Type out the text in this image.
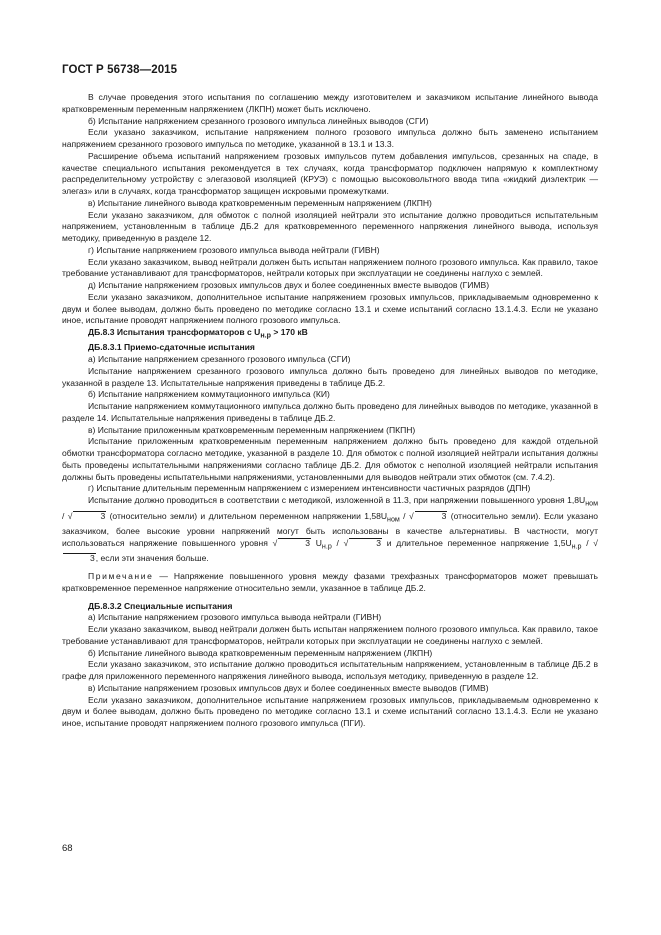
ГОСТ Р 56738—2015

В случае проведения этого испытания по соглашению между изготовителем и заказчиком испытание линейного вывода кратковременным переменным напряжением (ЛКПН) может быть исключено.

б) Испытание напряжением срезанного грозового импульса линейных выводов (СГИ)

Если указано заказчиком, испытание напряжением полного грозового импульса должно быть заменено испытанием напряжением срезанного грозового импульса по методике, указанной в 13.1 и 13.3.

Расширение объема испытаний напряжением грозовых импульсов путем добавления импульсов, срезанных на спаде, в качестве специального испытания рекомендуется в тех случаях, когда трансформатор подключен напрямую к комплектному распределительному устройству с элегазовой изоляцией (КРУЭ) с помощью высоковольтного ввода типа «жидкий диэлектрик — элегаз» или в случаях, когда трансформатор защищен искровыми промежутками.

в) Испытание линейного вывода кратковременным переменным напряжением (ЛКПН)

Если указано заказчиком, для обмоток с полной изоляцией нейтрали это испытание должно проводиться испытательным напряжением, установленным в таблице ДБ.2 для кратковременного переменного напряжения линейного вывода, используя методику, приведенную в разделе 12.

г) Испытание напряжением грозового импульса вывода нейтрали (ГИВН)

Если указано заказчиком, вывод нейтрали должен быть испытан напряжением полного грозового импульса. Как правило, такое требование устанавливают для трансформаторов, нейтрали которых при эксплуатации не соединены наглухо с землей.

д) Испытание напряжением грозовых импульсов двух и более соединенных вместе выводов (ГИМВ)

Если указано заказчиком, дополнительное испытание напряжением грозовых импульсов, прикладываемым одновременно к двум и более выводам, должно быть проведено по методике согласно 13.1 и схеме испытаний согласно 13.1.4.3. Если не указано иное, испытание проводят напряжением полного грозового импульса.

ДБ.8.3 Испытания трансформаторов с $U_{н.р} > 170$ кВ

ДБ.8.3.1 Приемо-сдаточные испытания

а) Испытание напряжением срезанного грозового импульса (СГИ)

Испытание напряжением срезанного грозового импульса должно быть проведено для линейных выводов по методике, указанной в разделе 13. Испытательные напряжения приведены в таблице ДБ.2.

б) Испытание напряжением коммутационного импульса (КИ)

Испытание напряжением коммутационного импульса должно быть проведено для линейных выводов по методике, указанной в разделе 14. Испытательные напряжения приведены в таблице ДБ.2.

в) Испытание приложенным кратковременным переменным напряжением (ПКПН)

Испытание приложенным кратковременным переменным напряжением должно быть проведено для каждой отдельной обмотки трансформатора согласно методике, указанной в разделе 10. Для обмоток с полной изоляцией нейтрали испытания должны быть проведены испытательными напряжениями согласно таблице ДБ.2. Для обмоток с неполной изоляцией нейтрали испытания должны быть проведены испытательными напряжениями, установленными для выводов нейтрали этих обмоток (см. 7.4.2).

г) Испытание длительным переменным напряжением с измерением интенсивности частичных разрядов (ДПН)

Испытание должно проводиться в соответствии с методикой, изложенной в 11.3, при напряжении повышенного уровня $1,8U_{ном}$ / √	3 (относительно земли) и длительном переменном напряжении $1,58U_{ном}$ / √	3 (относительно земли). Если указано заказчиком, более высокие уровни напряжений могут быть использованы в качестве альтернативы. В частности, могут использоваться напряжение повышенного уровня √	3 $U_{н.р}$ / √	3 и длительное переменное напряжение $1,5U_{н.р} / √3$, если эти значения больше.

Примечание — Напряжение повышенного уровня между фазами трехфазных трансформаторов может превышать кратковременное переменное напряжение относительно земли, указанное в таблице ДБ.2.

ДБ.8.3.2 Специальные испытания

а) Испытание напряжением грозового импульса вывода нейтрали (ГИВН)

Если указано заказчиком, вывод нейтрали должен быть испытан напряжением полного грозового импульса. Как правило, такое требование устанавливают для трансформаторов, нейтрали которых при эксплуатации не соединены наглухо с землей.

б) Испытание линейного вывода кратковременным переменным напряжением (ЛКПН)

Если указано заказчиком, это испытание должно проводиться испытательным напряжением, установленным в таблице ДБ.2 в графе для приложенного переменного напряжения линейного вывода, используя методику, приведенную в разделе 12.

в) Испытание напряжением грозовых импульсов двух и более соединенных вместе выводов (ГИМВ)

Если указано заказчиком, дополнительное испытание напряжением грозовых импульсов, прикладываемым одновременно к двум и более выводам, должно быть проведено по методике согласно 13.1 и схеме испытаний согласно 13.1.4.3. Если не указано иное, испытание проводят напряжением полного грозового импульса (ПГИ).

68
